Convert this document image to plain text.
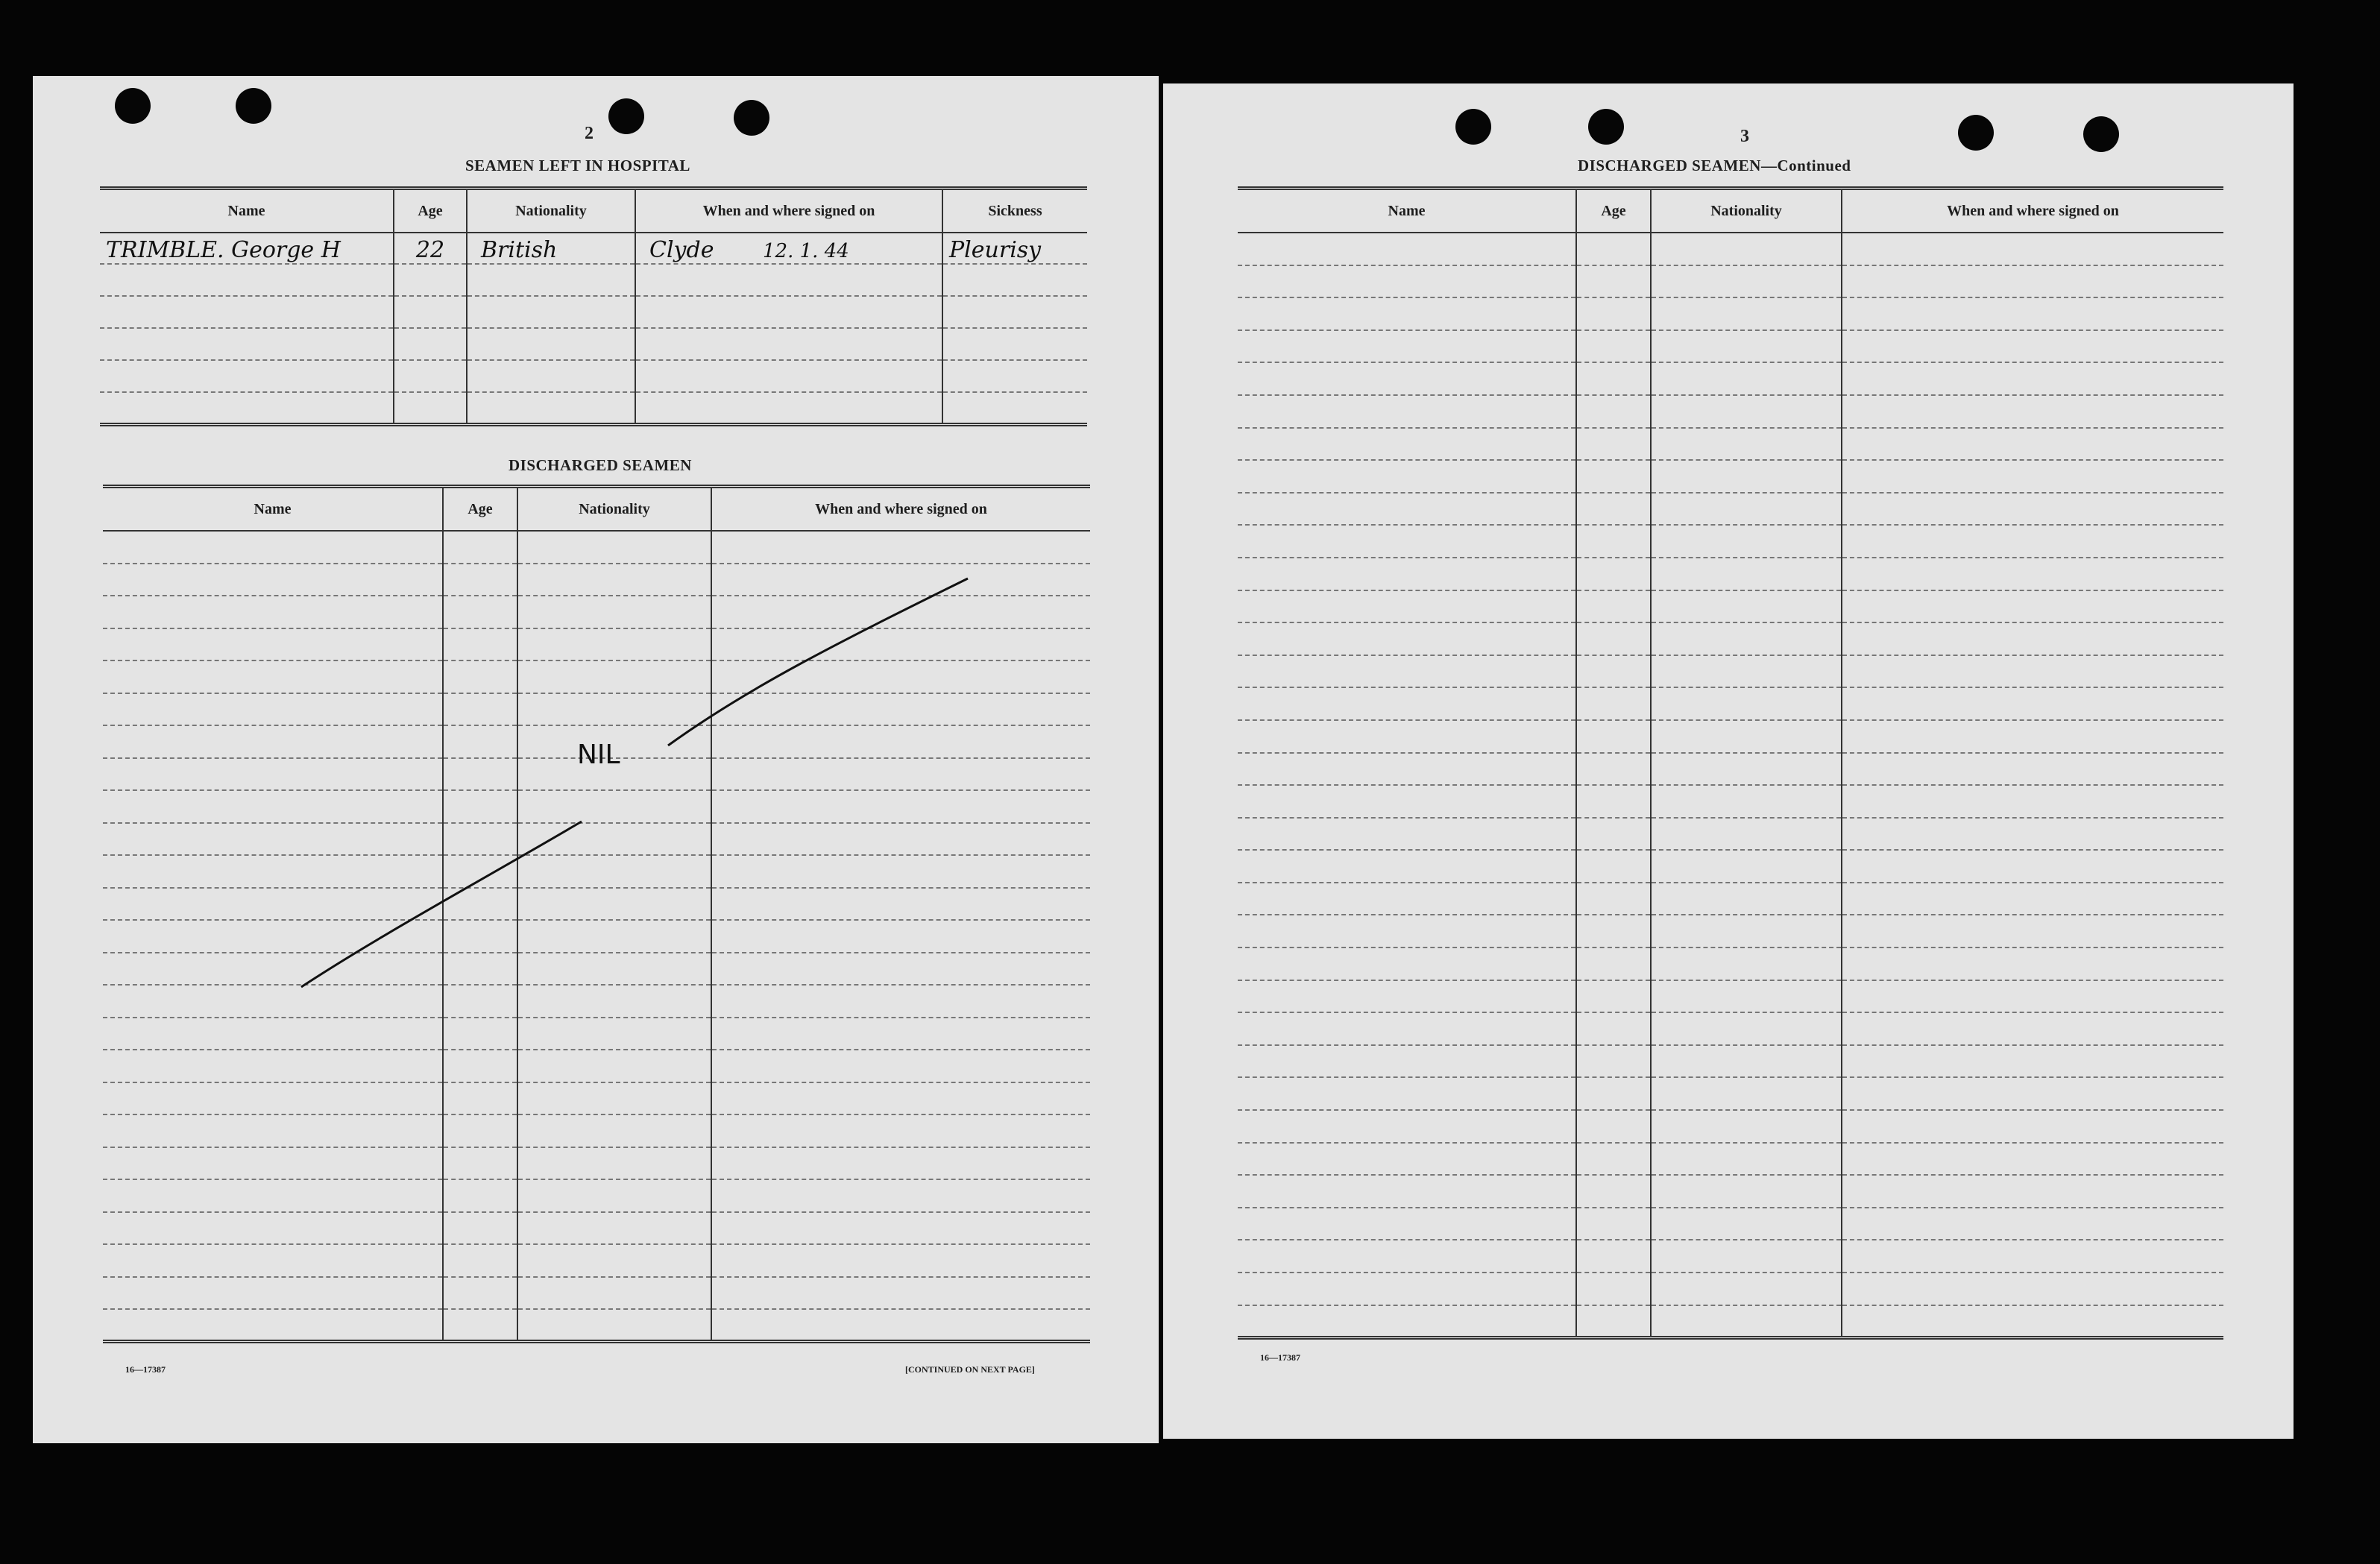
2
SEAMEN LEFT IN HOSPITAL
Name	Age	Nationality	When and where signed on	Sickness
TRIMBLE. George H	22	British	Clyde 12. 1. 44	Pleurisy

DISCHARGED SEAMEN
Name	Age	Nationality	When and where signed on

NIL
16—17387	[CONTINUED ON NEXT PAGE]
3
DISCHARGED SEAMEN—Continued
Name	Age	Nationality	When and where signed on

16—17387
